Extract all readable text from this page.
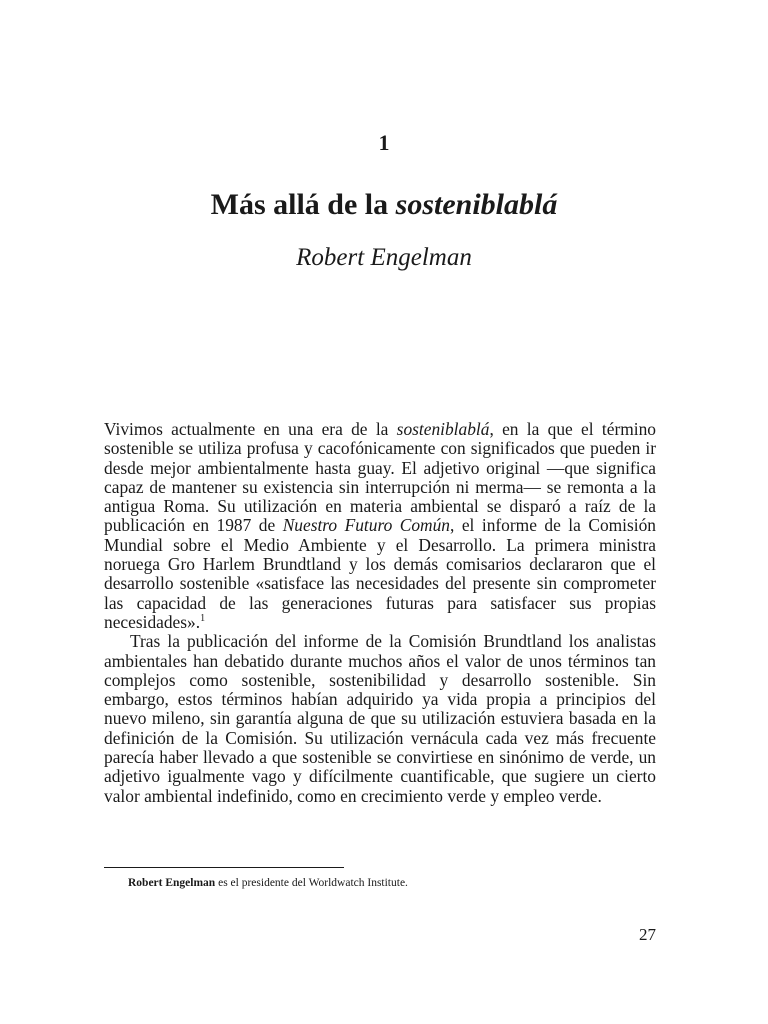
1
Más allá de la sosteniblablá
Robert Engelman

Vivimos actualmente en una era de la sosteniblablá, en la que el término sostenible se utiliza profusa y cacofónicamente con significados que pueden ir desde mejor ambientalmente hasta guay. El adjetivo original —que significa capaz de mantener su existencia sin interrupción ni merma— se remonta a la antigua Roma. Su utilización en materia ambiental se disparó a raíz de la publicación en 1987 de Nuestro Futuro Común, el informe de la Comisión Mundial sobre el Medio Ambiente y el Desarrollo. La primera ministra noruega Gro Harlem Brundtland y los demás comisarios declararon que el desarrollo sostenible «satisface las necesidades del presente sin comprometer las capacidad de las generaciones futuras para satisfacer sus propias necesidades».$^1$

Tras la publicación del informe de la Comisión Brundtland los analistas ambientales han debatido durante muchos años el valor de unos términos tan complejos como sostenible, sostenibilidad y desarrollo sostenible. Sin embargo, estos términos habían adquirido ya vida propia a principios del nuevo mileno, sin garantía alguna de que su utilización estuviera basada en la definición de la Comisión. Su utilización vernácula cada vez más frecuente parecía haber llevado a que sostenible se convirtiese en sinónimo de verde, un adjetivo igualmente vago y difícilmente cuantificable, que sugiere un cierto valor ambiental indefinido, como en crecimiento verde y empleo verde.

Robert Engelman es el presidente del Worldwatch Institute.
27
